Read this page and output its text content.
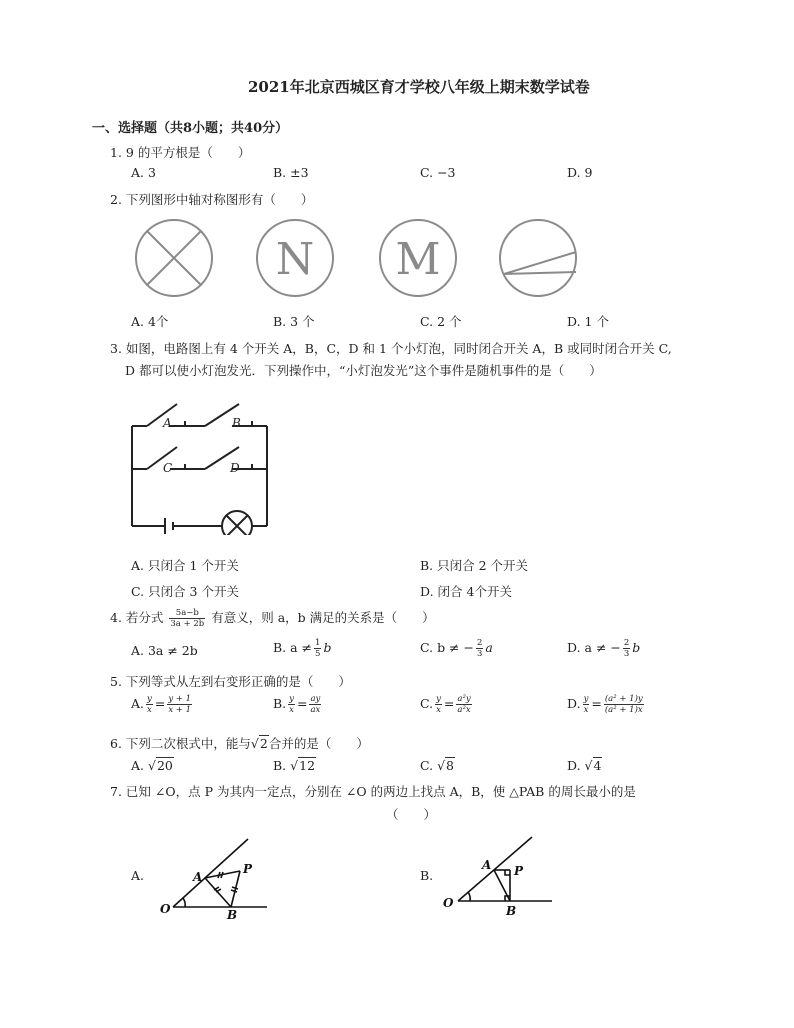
2021年北京西城区育才学校八年级上期末数学试卷
一、选择题（共8小题；共40分）
1. 9 的平方根是（　　）
A. 3	B. ±3	C. −3	D. 9
2. 下列图形中轴对称图形有（　　）
N M
A. 4个	B. 3 个	C. 2 个	D. 1 个
3. 如图，电路图上有 4 个开关 A，B，C，D 和 1 个小灯泡，同时闭合开关 A，B 或同时闭合开关 C,
D 都可以使小灯泡发光．下列操作中，“小灯泡发光”这个事件是随机事件的是（　　）
A	B
C	D
A. 只闭合 1 个开关	B. 只闭合 2 个开关
C. 只闭合 3 个开关	D. 闭合 4个开关
4. 若分式 $\frac{5a-b}{3a + 2b}$ 有意义，则 a，b 满足的关系是（　　）
A. 3a ≠ 2b	B. $a \ne \frac{1}{5}$ b	C. b ≠ − $\frac{2}{3}$ a	D. a ≠ − $\frac{2}{3}$ b
5. 下列等式从左到右变形正确的是（　　）
A. $\frac{y}{x} = \frac{y + 1}{x + 1}$	B. $\frac{y}{x} = \frac{ay}{ax}$	C. $\frac{y}{x} = \frac{\text{a²y}}{\text{a²x}}$	D. $\frac{y}{x} = \frac{\text{(a² + 1)y}}{\text{(a² + 1)x}}$
6. 下列二次根式中，能与√2合并的是（　　）
A. √20	B. √12	C. √8	D. √4
7. 已知 ∠O，点 P 为其内一定点，分别在 ∠O 的两边上找点 A，B，使 △PAB 的周长最小的是
（　　）
A.
O
A
P
B
B.
O
A P
B
